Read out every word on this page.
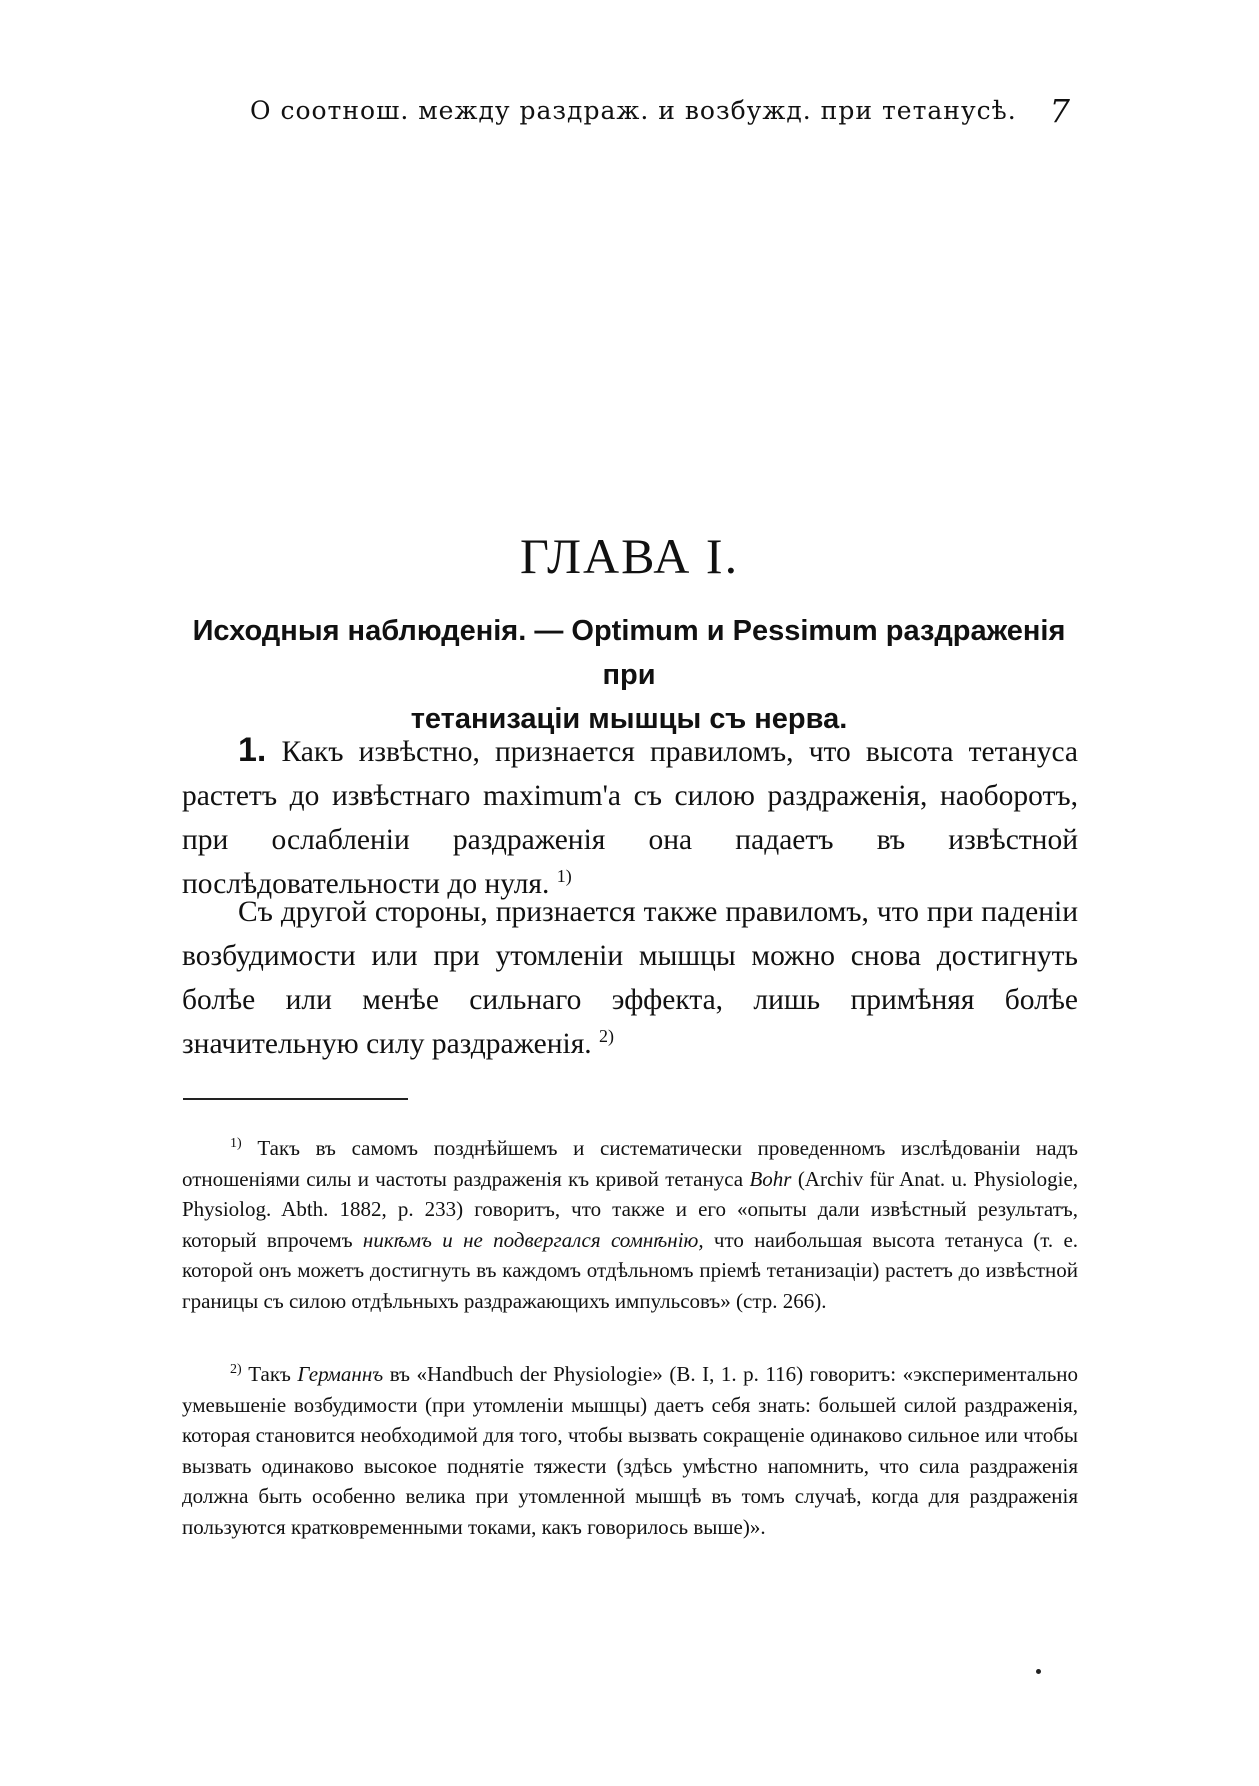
О соотнош. между раздраж. и возбужд. при тетанусѣ. 7
ГЛАВА I.
Исходныя наблюденія. — Optimum и Pessimum раздраженія при
тетанизаціи мышцы съ нерва.
1. Какъ извѣстно, признается правиломъ, что высота тетануса растетъ до извѣстнаго maximum'а съ силою раздраженія, наоборотъ, при ослабленіи раздраженія она падаетъ въ извѣстной послѣдовательности до нуля. $^{1)}$
Съ другой стороны, признается также правиломъ, что при паденіи возбудимости или при утомленіи мышцы можно снова достигнуть болѣе или менѣе сильнаго эффекта, лишь примѣняя болѣе значительную силу раздраженія. $^{2)}$
$^{1)}$ Такъ въ самомъ позднѣйшемъ и систематически проведенномъ изслѣдованіи надъ отношеніями силы и частоты раздраженія къ кривой тетануса Bohr (Archiv für Anat. u. Physiologie, Physiolog. Abth. 1882, p. 233) говоритъ, что также и его «опыты дали извѣстный результатъ, который впрочемъ никѣмъ и не подвергался сомнѣнію, что наибольшая высота тетануса (т. е. которой онъ можетъ достигнуть въ каждомъ отдѣльномъ пріемѣ тетанизаціи) растетъ до извѣстной границы съ силою отдѣльныхъ раздражающихъ импульсовъ» (стр. 266).
$^{2)}$ Такъ Германнъ въ «Handbuch der Physiologie» (B. I, 1. p. 116) говоритъ: «экспериментально умевьшеніе возбудимости (при утомленіи мышцы) даетъ себя знать: большей силой раздраженія, которая становится необходимой для того, чтобы вызвать сокращеніе одинаково сильное или чтобы вызвать одинаково высокое поднятіе тяжести (здѣсь умѣстно напомнить, что сила раздраженія должна быть особенно велика при утомленной мышцѣ въ томъ случаѣ, когда для раздраженія пользуются кратковременными токами, какъ говорилось выше)».
